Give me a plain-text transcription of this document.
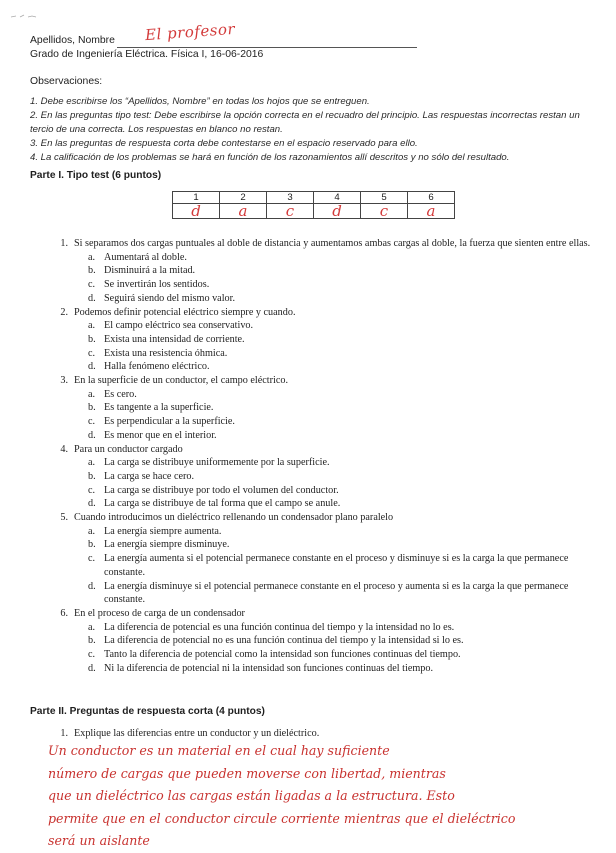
Apellidos, Nombre El profesor
Grado de Ingeniería Eléctrica. Física I, 16-06-2016
Observaciones:

1. Debe escribirse los “Apellidos, Nombre” en todas los hojos que se entreguen.

2. En las preguntas tipo test: Debe escribirse la opción correcta en el recuadro del principio. Las respuestas incorrectas restan un tercio de una correcta. Los respuestas en blanco no restan.

3. En las preguntas de respuesta corta debe contestarse en el espacio reservado para ello.

4. La calificación de los problemas se hará en función de los razonamientos allí descritos y no sólo del resultado.

Parte I. Tipo test (6 puntos)
1	2	3	4	5	6
d	a	c	d	c	a
1. Si separamos dos cargas puntuales al doble de distancia y aumentamos ambas cargas al doble, la fuerza que sienten entre ellas.
a. Aumentará al doble.
b. Disminuirá a la mitad.
c. Se invertirán los sentidos.
d. Seguirá siendo del mismo valor.
2. Podemos definir potencial eléctrico siempre y cuando.
a. El campo eléctrico sea conservativo.
b. Exista una intensidad de corriente.
c. Exista una resistencia óhmica.
d. Halla fenómeno eléctrico.
3. En la superficie de un conductor, el campo eléctrico.
a. Es cero.
b. Es tangente a la superficie.
c. Es perpendicular a la superficie.
d. Es menor que en el interior.
4. Para un conductor cargado
a. La carga se distribuye uniformemente por la superficie.
b. La carga se hace cero.
c. La carga se distribuye por todo el volumen del conductor.
d. La carga se distribuye de tal forma que el campo se anule.
5. Cuando introducimos un dieléctrico rellenando un condensador plano paralelo
a. La energía siempre aumenta.
b. La energía siempre disminuye.
c. La energía aumenta si el potencial permanece constante en el proceso y disminuye si es la carga la que permanece constante.
d. La energía disminuye si el potencial permanece constante en el proceso y aumenta si es la carga la que permanece constante.
6. En el proceso de carga de un condensador
a. La diferencia de potencial es una función continua del tiempo y la intensidad no lo es.
b. La diferencia de potencial no es una función continua del tiempo y la intensidad si lo es.
c. Tanto la diferencia de potencial como la intensidad son funciones continuas del tiempo.
d. Ni la diferencia de potencial ni la intensidad son funciones continuas del tiempo.
Parte II. Preguntas de respuesta corta (4 puntos)
1. Explique las diferencias entre un conductor y un dieléctrico.
Un conductor es un material en el cual hay suficiente
número de cargas que pueden moverse con libertad, mientras
que un dieléctrico las cargas están ligadas a la estructura. Esto
permite que en el conductor circule corriente mientras que el dieléctrico
será un aislante
